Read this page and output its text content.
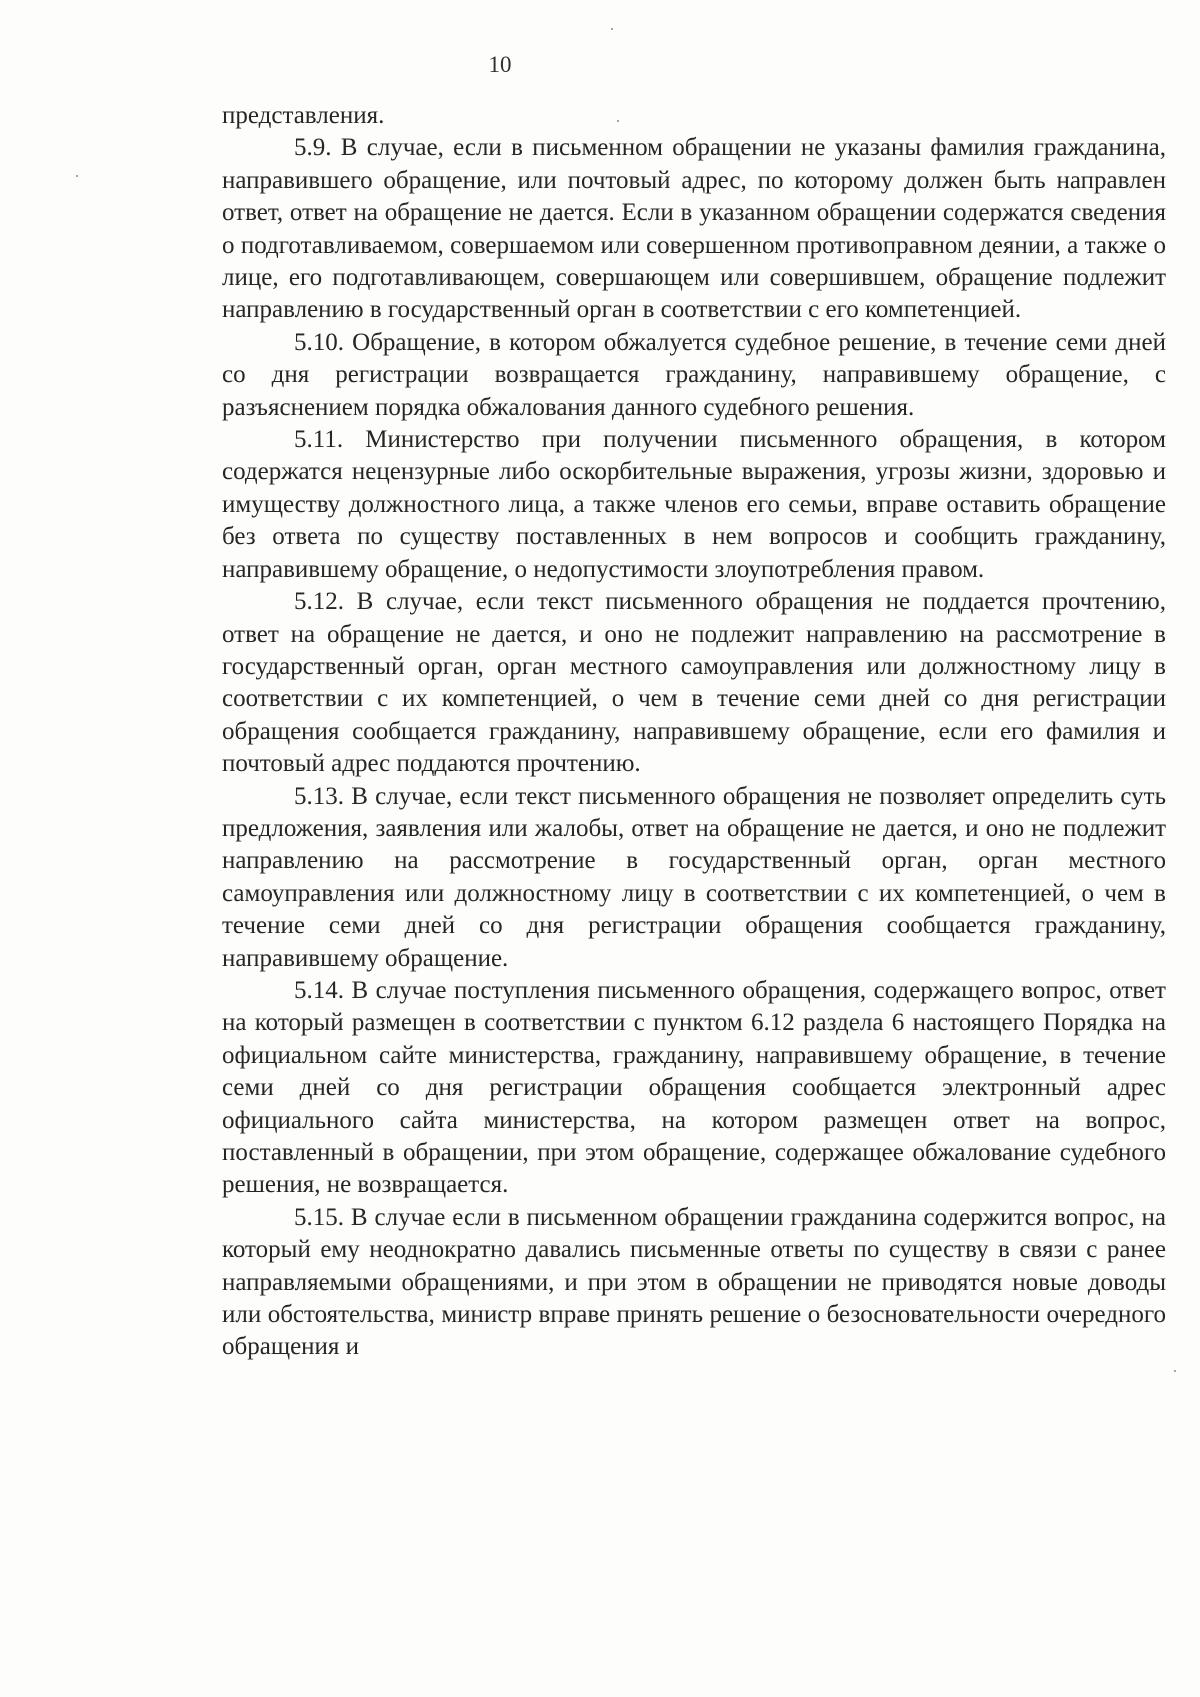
10

представления.

5.9. В случае, если в письменном обращении не указаны фамилия гражданина, направившего обращение, или почтовый адрес, по которому должен быть направлен ответ, ответ на обращение не дается. Если в указанном обращении содержатся сведения о подготавливаемом, совершаемом или совершенном противоправном деянии, а также о лице, его подготавливающем, совершающем или совершившем, обращение подлежит направлению в государственный орган в соответствии с его компетенцией.

5.10. Обращение, в котором обжалуется судебное решение, в течение семи дней со дня регистрации возвращается гражданину, направившему обращение, с разъяснением порядка обжалования данного судебного решения.

5.11. Министерство при получении письменного обращения, в котором содержатся нецензурные либо оскорбительные выражения, угрозы жизни, здоровью и имуществу должностного лица, а также членов его семьи, вправе оставить обращение без ответа по существу поставленных в нем вопросов и сообщить гражданину, направившему обращение, о недопустимости злоупотребления правом.

5.12. В случае, если текст письменного обращения не поддается прочтению, ответ на обращение не дается, и оно не подлежит направлению на рассмотрение в государственный орган, орган местного самоуправления или должностному лицу в соответствии с их компетенцией, о чем в течение семи дней со дня регистрации обращения сообщается гражданину, направившему обращение, если его фамилия и почтовый адрес поддаются прочтению.

5.13. В случае, если текст письменного обращения не позволяет определить суть предложения, заявления или жалобы, ответ на обращение не дается, и оно не подлежит направлению на рассмотрение в государственный орган, орган местного самоуправления или должностному лицу в соответствии с их компетенцией, о чем в течение семи дней со дня регистрации обращения сообщается гражданину, направившему обращение.

5.14. В случае поступления письменного обращения, содержащего вопрос, ответ на который размещен в соответствии с пунктом 6.12 раздела 6 настоящего Порядка на официальном сайте министерства, гражданину, направившему обращение, в течение семи дней со дня регистрации обращения сообщается электронный адрес официального сайта министерства, на котором размещен ответ на вопрос, поставленный в обращении, при этом обращение, содержащее обжалование судебного решения, не возвращается.

5.15. В случае если в письменном обращении гражданина содержится вопрос, на который ему неоднократно давались письменные ответы по существу в связи с ранее направляемыми обращениями, и при этом в обращении не приводятся новые доводы или обстоятельства, министр вправе принять решение о безосновательности очередного обращения и
